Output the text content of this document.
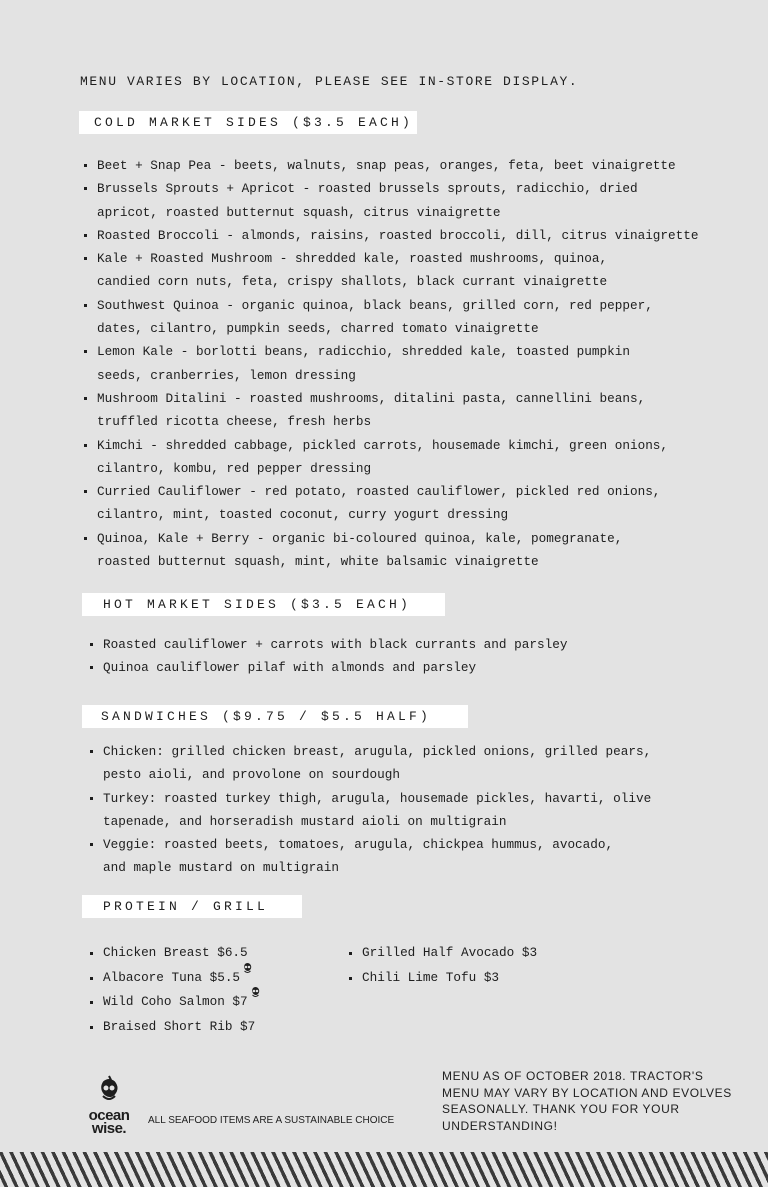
MENU VARIES BY LOCATION, PLEASE SEE IN-STORE DISPLAY.
COLD MARKET SIDES ($3.5 EACH)
Beet + Snap Pea - beets, walnuts, snap peas, oranges, feta, beet vinaigrette
Brussels Sprouts + Apricot - roasted brussels sprouts, radicchio, dried
apricot, roasted butternut squash, citrus vinaigrette
Roasted Broccoli - almonds, raisins, roasted broccoli, dill, citrus vinaigrette
Kale + Roasted Mushroom - shredded kale, roasted mushrooms, quinoa,
candied corn nuts, feta, crispy shallots, black currant vinaigrette
Southwest Quinoa - organic quinoa, black beans, grilled corn, red pepper,
dates, cilantro, pumpkin seeds, charred tomato vinaigrette
Lemon Kale - borlotti beans, radicchio, shredded kale, toasted pumpkin
seeds, cranberries, lemon dressing
Mushroom Ditalini - roasted mushrooms, ditalini pasta, cannellini beans,
truffled ricotta cheese, fresh herbs
Kimchi - shredded cabbage, pickled carrots, housemade kimchi, green onions,
cilantro, kombu, red pepper dressing
Curried Cauliflower - red potato, roasted cauliflower, pickled red onions,
cilantro, mint, toasted coconut, curry yogurt dressing
Quinoa, Kale + Berry - organic bi-coloured quinoa, kale, pomegranate,
roasted butternut squash, mint, white balsamic vinaigrette
HOT MARKET SIDES ($3.5 EACH)
Roasted cauliflower + carrots with black currants and parsley
Quinoa cauliflower pilaf with almonds and parsley
SANDWICHES ($9.75 / $5.5 HALF)
Chicken: grilled chicken breast, arugula, pickled onions, grilled pears,
pesto aioli, and provolone on sourdough
Turkey: roasted turkey thigh, arugula, housemade pickles, havarti, olive
tapenade, and horseradish mustard aioli on multigrain
Veggie: roasted beets, tomatoes, arugula, chickpea hummus, avocado,
and maple mustard on multigrain
PROTEIN / GRILL
Chicken Breast $6.5
Albacore Tuna $5.5
Wild Coho Salmon $7
Braised Short Rib $7
Grilled Half Avocado $3
Chili Lime Tofu $3
ocean
wise.	ALL SEAFOOD ITEMS ARE A SUSTAINABLE CHOICE
MENU AS OF OCTOBER 2018. TRACTOR'S MENU MAY VARY BY LOCATION AND EVOLVES SEASONALLY. THANK YOU FOR YOUR UNDERSTANDING!
